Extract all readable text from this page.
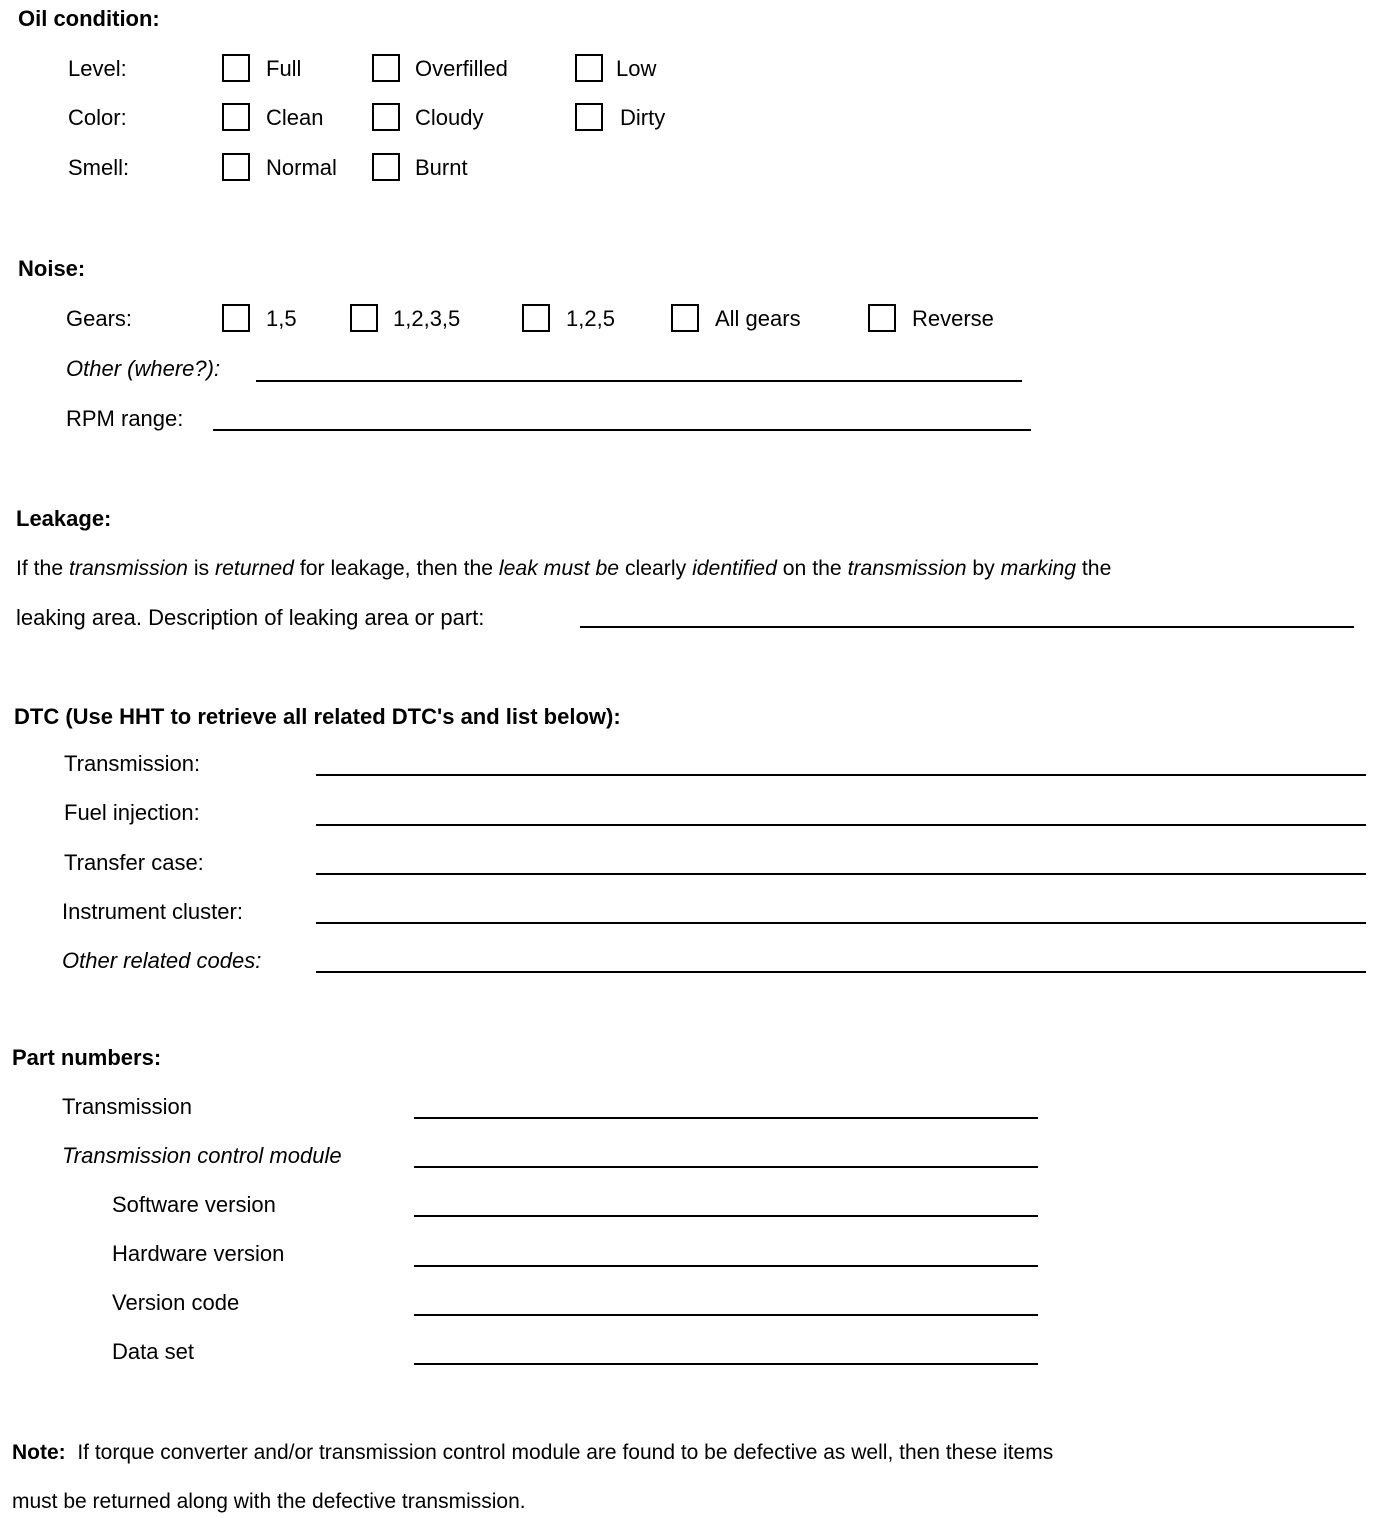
Oil condition:
Level:	Full	Overfilled	Low
Color:	Clean	Cloudy	Dirty
Smell:	Normal	Burnt
Noise:
Gears:	1,5	1,2,3,5	1,2,5	All gears	Reverse
Other (where?):
RPM range:
Leakage:
If the transmission is returned for leakage, then the leak must be clearly identified on the transmission by marking the
leaking area. Description of leaking area or part:
DTC (Use HHT to retrieve all related DTC's and list below):
Transmission:
Fuel injection:
Transfer case:
Instrument cluster:
Other related codes:
Part numbers:
Transmission
Transmission control module
Software version
Hardware version
Version code
Data set
Note: If torque converter and/or transmission control module are found to be defective as well, then these items
must be returned along with the defective transmission.
